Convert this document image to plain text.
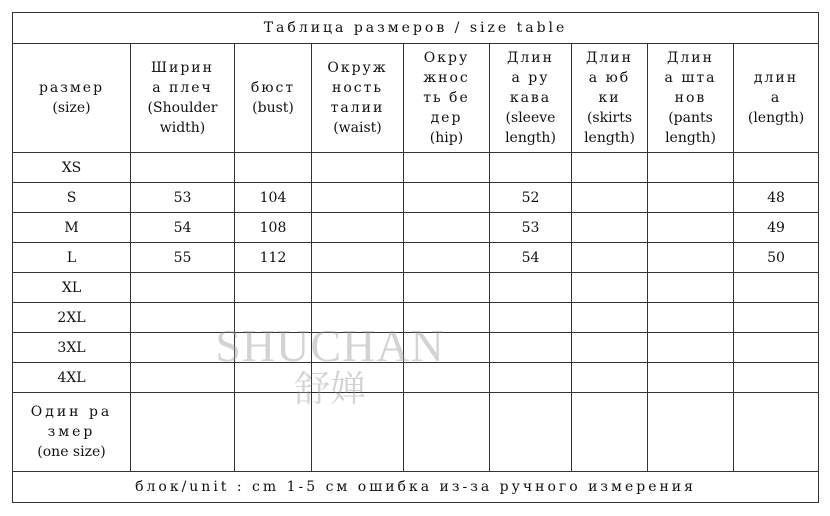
Таблица размеров / size table								

размер
(size)	Ширин
а плеч
(Shoulder
width)	бюст
(bust)	Окруж
ность
талии
(waist)	Окру
жнос
ть бе
дер
(hip)	Длин
а ру
кава
(sleeve
length)	Длин
а юб
ки
(skirts
length)	Длин
а шта
нов
(pants
length)	длин
а
(length)

XS								
S	53	104			52			48
M	54	108			53			49
L	55	112			54			50
XL								
2XL								
3XL								
4XL								

Один ра
змер
(one size)								

блок/unit : cm 1-5 см ошибка из-за ручного измерения								
SHUCHAN
舒婵
